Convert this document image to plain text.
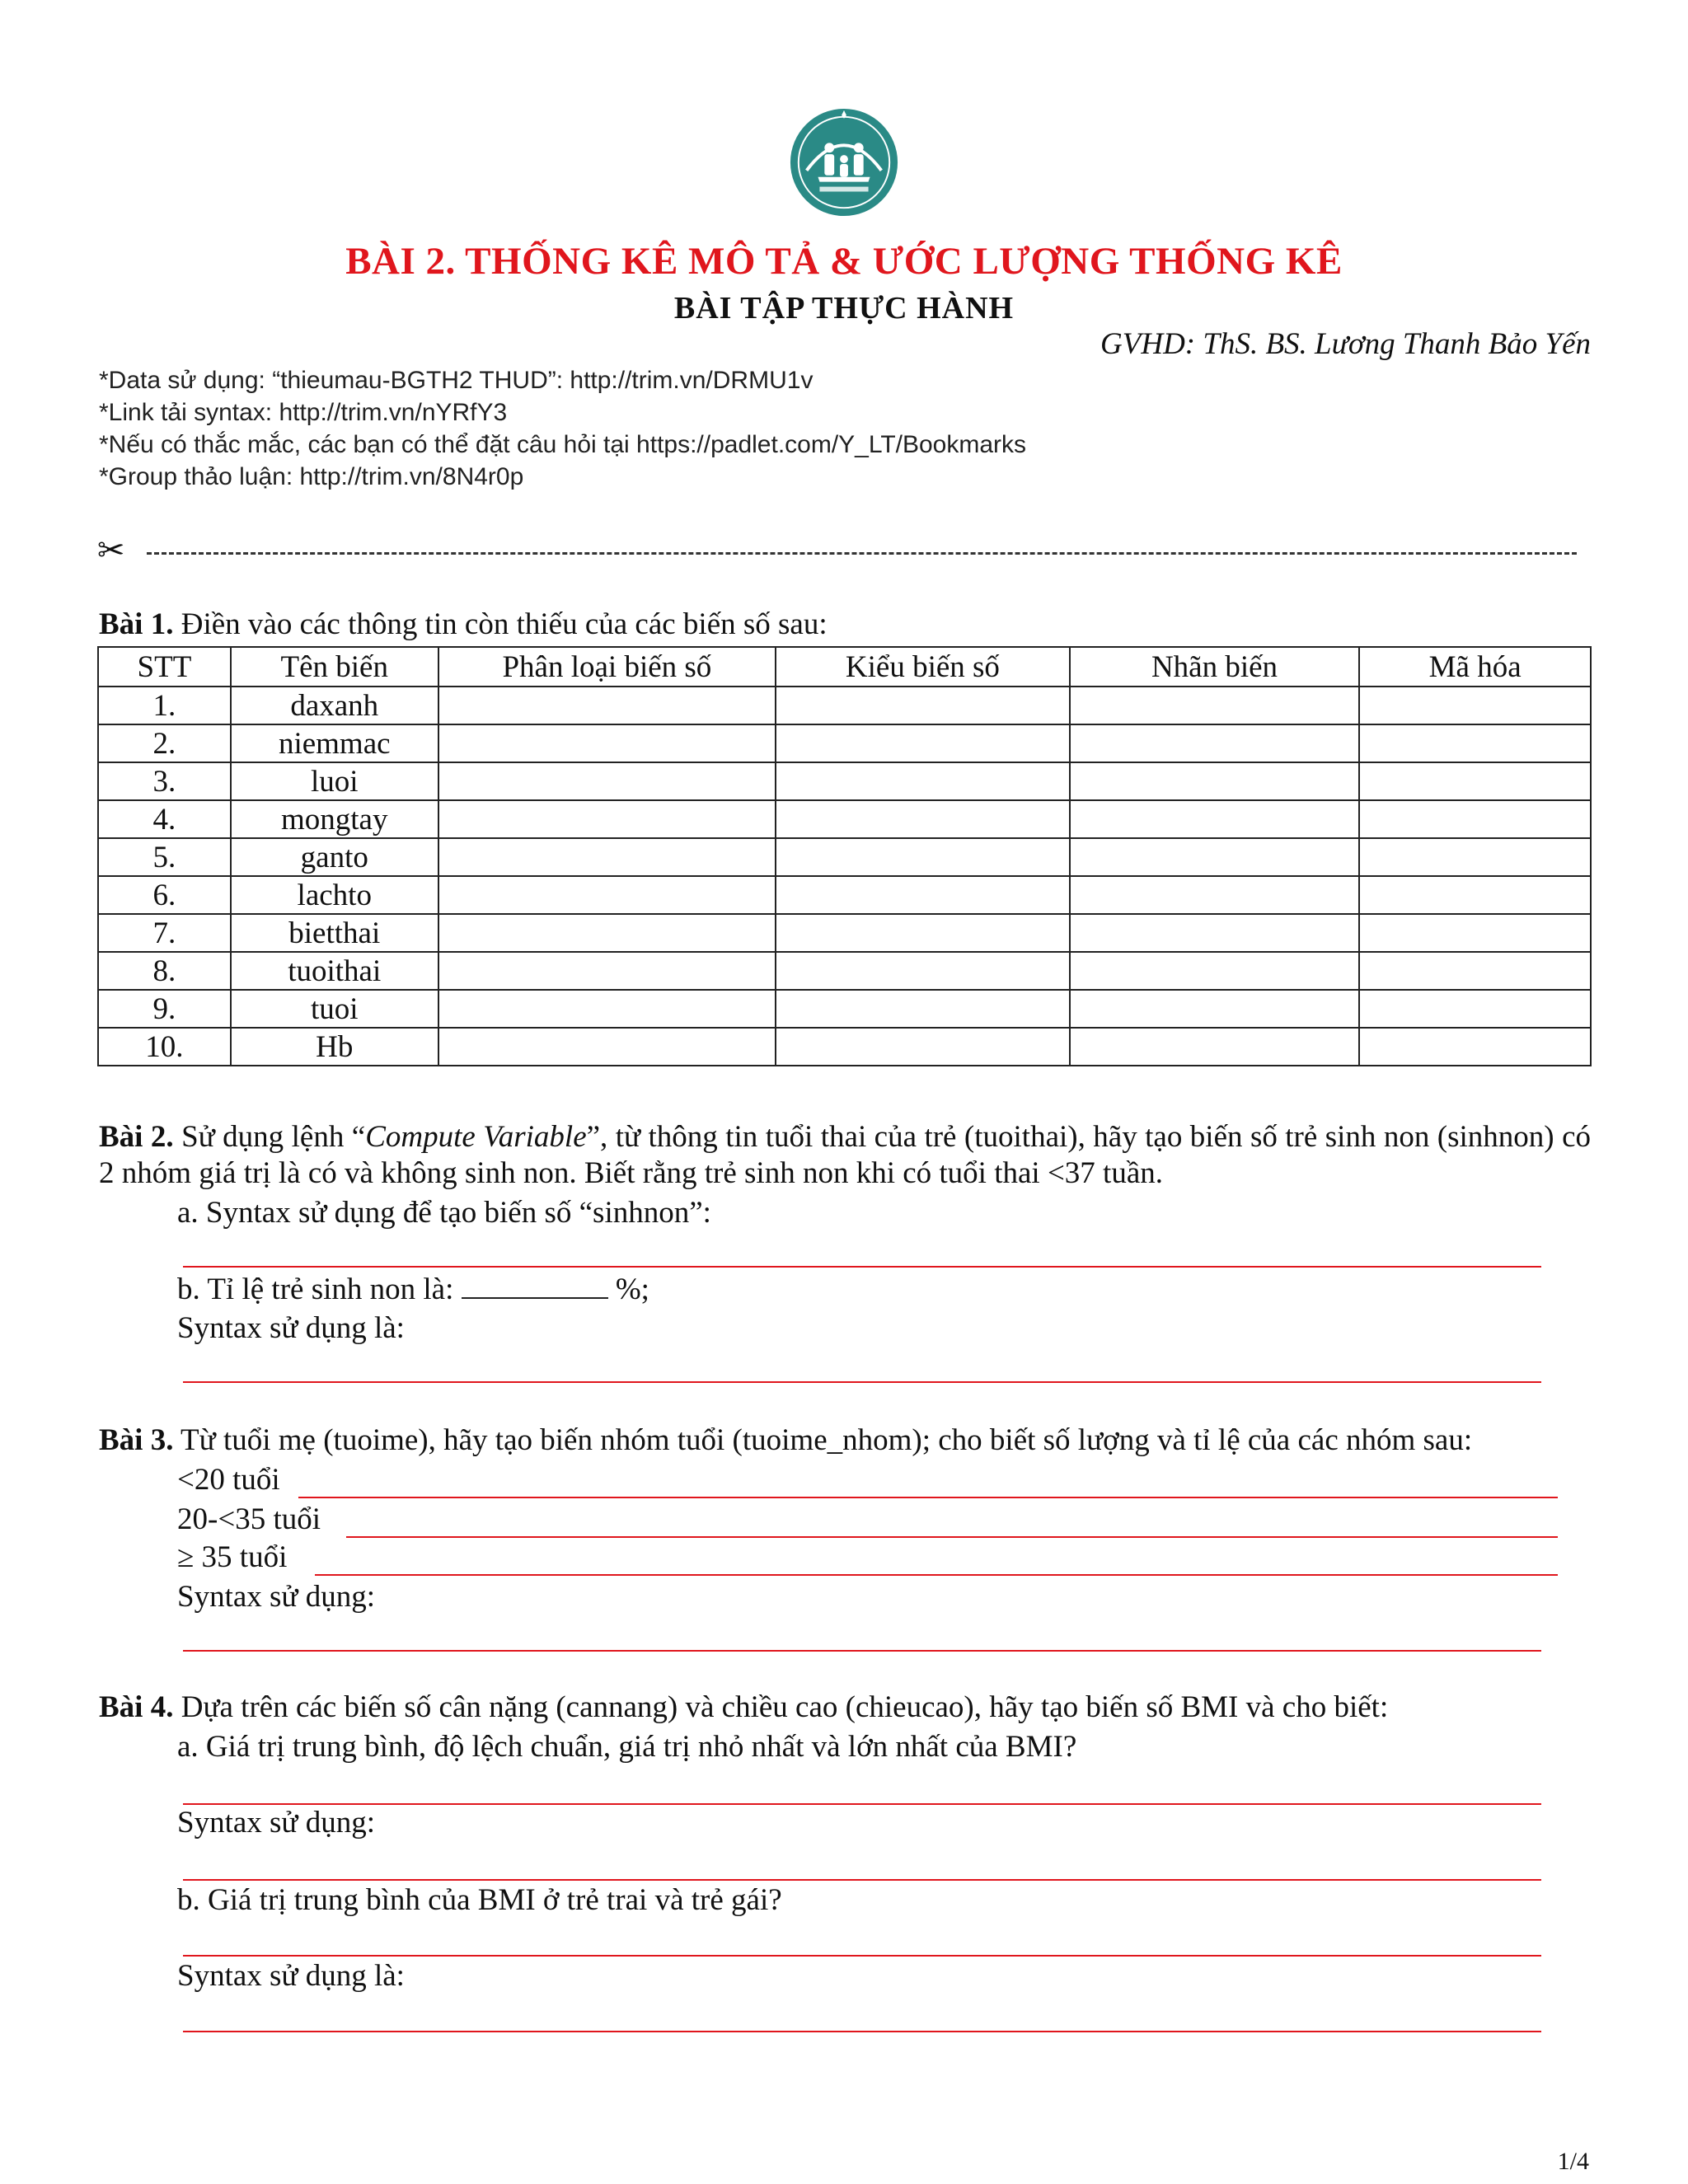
BÀI 2. THỐNG KÊ MÔ TẢ & ƯỚC LƯỢNG THỐNG KÊ
BÀI TẬP THỰC HÀNH
GVHD: ThS. BS. Lương Thanh Bảo Yến
*Data sử dụng: “thieumau-BGTH2 THUD”: http://trim.vn/DRMU1v
*Link tải syntax: http://trim.vn/nYRfY3
*Nếu có thắc mắc, các bạn có thể đặt câu hỏi tại https://padlet.com/Y_LT/Bookmarks
*Group thảo luận: http://trim.vn/8N4r0p
✂
Bài 1. Điền vào các thông tin còn thiếu của các biến số sau:
STT	Tên biến	Phân loại biến số	Kiểu biến số	Nhãn biến	Mã hóa
1.	daxanh				
2.	niemmac				
3.	luoi				
4.	mongtay				
5.	ganto				
6.	lachto				
7.	bietthai				
8.	tuoithai				
9.	tuoi				
10.	Hb				
Bài 2. Sử dụng lệnh “Compute Variable”, từ thông tin tuổi thai của trẻ (tuoithai), hãy tạo biến số trẻ sinh non (sinhnon) có 2 nhóm giá trị là có và không sinh non. Biết rằng trẻ sinh non khi có tuổi thai <37 tuần.
a. Syntax sử dụng để tạo biến số “sinhnon”:
b. Tỉ lệ trẻ sinh non là:	%;
Syntax sử dụng là:
Bài 3. Từ tuổi mẹ (tuoime), hãy tạo biến nhóm tuổi (tuoime_nhom); cho biết số lượng và tỉ lệ của các nhóm sau:
<20 tuổi
20-<35 tuổi
≥ 35 tuổi
Syntax sử dụng:
Bài 4. Dựa trên các biến số cân nặng (cannang) và chiều cao (chieucao), hãy tạo biến số BMI và cho biết:
a. Giá trị trung bình, độ lệch chuẩn, giá trị nhỏ nhất và lớn nhất của BMI?
Syntax sử dụng:
b. Giá trị trung bình của BMI ở trẻ trai và trẻ gái?
Syntax sử dụng là:
1/4
